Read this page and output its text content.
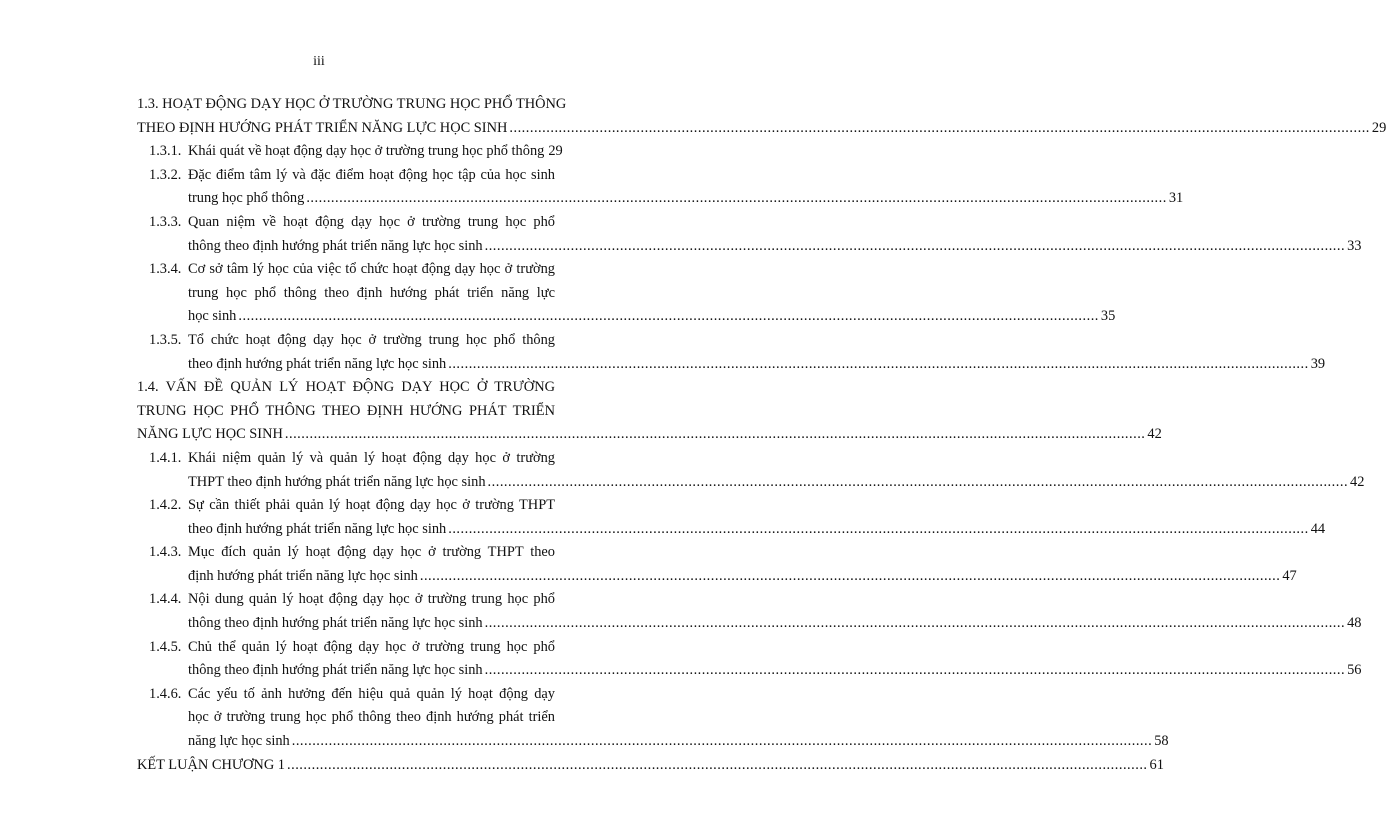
iii
1.3. HOẠT ĐỘNG DẠY HỌC Ở TRƯỜNG TRUNG HỌC PHỔ THÔNG
THEO ĐỊNH HƯỚNG PHÁT TRIỂN NĂNG LỰC HỌC SINH .....	29
1.3.1. Khái quát về hoạt động dạy học ở trường trung học phổ thông 29
1.3.2. Đặc điểm tâm lý và đặc điểm hoạt động học tập của học sinh
trung học phổ thông .....	31
1.3.3. Quan niệm về hoạt động dạy học ở trường trung học phổ
thông theo định hướng phát triển năng lực học sinh .....	33
1.3.4. Cơ sở tâm lý học của việc tổ chức hoạt động dạy học ở trường
trung học phổ thông theo định hướng phát triển năng lực
học sinh .....	35
1.3.5. Tổ chức hoạt động dạy học ở trường trung học phổ thông
theo định hướng phát triển năng lực học sinh .....	39
1.4. VẤN ĐỀ QUẢN LÝ HOẠT ĐỘNG DẠY HỌC Ở TRƯỜNG
TRUNG HỌC PHỔ THÔNG THEO ĐỊNH HƯỚNG PHÁT TRIỂN
NĂNG LỰC HỌC SINH .....	42
1.4.1. Khái niệm quản lý và quản lý hoạt động dạy học ở trường
THPT theo định hướng phát triển năng lực học sinh .....	42
1.4.2. Sự cần thiết phải quản lý hoạt động dạy học ở trường THPT
theo định hướng phát triển năng lực học sinh .....	44
1.4.3. Mục đích quản lý hoạt động dạy học ở trường THPT theo
định hướng phát triển năng lực học sinh .....	47
1.4.4. Nội dung quản lý hoạt động dạy học ở trường trung học phổ
thông theo định hướng phát triển năng lực học sinh .....	48
1.4.5. Chủ thể quản lý hoạt động dạy học ở trường trung học phổ
thông theo định hướng phát triển năng lực học sinh .....	56
1.4.6. Các yếu tố ảnh hưởng đến hiệu quả quản lý hoạt động dạy
học ở trường trung học phổ thông theo định hướng phát triển
năng lực học sinh .....	58
KẾT LUẬN CHƯƠNG 1 .....	61
